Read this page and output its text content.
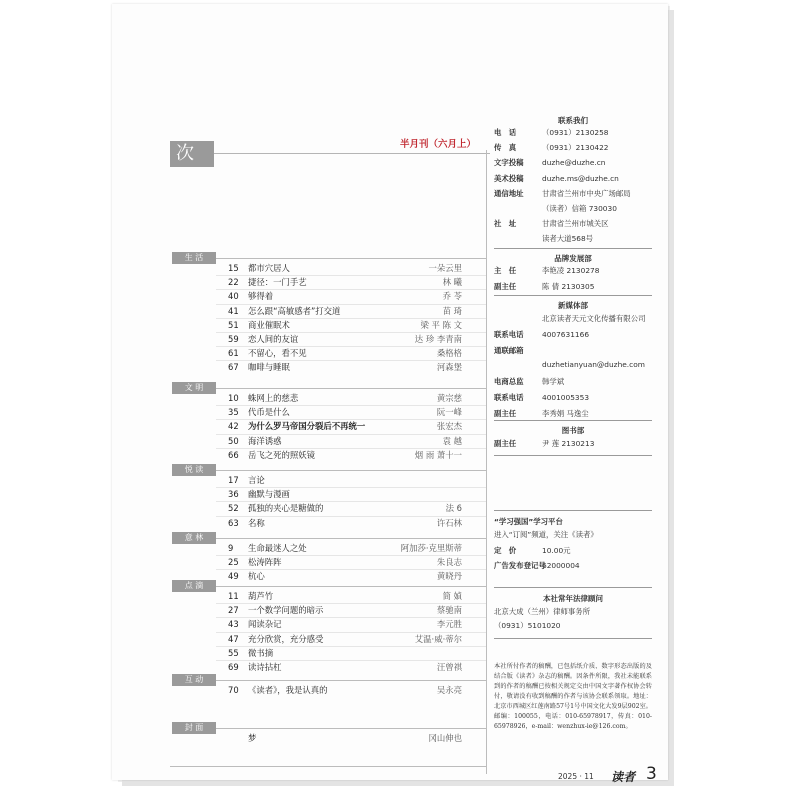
次	半月刊（六月上）
生 活
15	都市穴居人	一朵云里
22	捷径：一门手艺	林 曦
40	够得着	乔 苓
41	怎么跟“高敏感者”打交道	苗 琦
51	商业催眠术	梁 平 陈 文
59	恋人间的友谊	达 珍 李青南
61	不留心，看不见	桑格格
67	咖啡与睡眠	河森堡
文 明
10	蛛网上的慈悲	黄宗慈
35	代币是什么	阮一峰
42	为什么罗马帝国分裂后不再统一	张宏杰
50	海洋诱惑	袁 越
66	岳飞之死的照妖镜	烟 雨 萧十一
悦 读
17	言论
36	幽默与漫画
52	孤独的夹心是糖做的	法 6
63	名称	许石林
意 林
9	生命最迷人之处	阿加莎·克里斯蒂
25	松涛阵阵	朱良志
49	杭心	黄晓丹
点 滴
11	葫芦竹	简 媜
27	一个数学问题的暗示	蔡驰南
43	闻读杂记	李元胜
47	充分欣赏，充分感受	艾温·威·蒂尔
55	微书摘
69	读诗拈杠	汪曾祺
互 动
70	《读者》，我是认真的	吴永亮
封 面
梦	冈山伸也
联系我们
电　话	（0931）2130258
传　真	（0931）2130422
文字投稿 duzhe@duzhe.cn
美术投稿 duzhe.ms@duzhe.cn
通信地址 甘肃省兰州市中央广场邮局
（读者）信箱 730030
社　址	甘肃省兰州市城关区
读者大道568号
品牌发展部
主　任	李艳凌 2130278
副主任	陈 倩 2130305
新媒体部
北京读者天元文化传播有限公司
联系电话 4007631166
通联邮箱
duzhetianyuan@duzhe.com
电商总监 韩学斌
联系电话 4001005353
副主任	李秀娟 马逸尘
图书部
副主任	尹 莲 2130213
“学习强国”学习平台
进入“订阅”频道，关注《读者》
定　价	10.00元
广告发布登记号62000004
本社常年法律顾问
北京大成（兰州）律师事务所
（0931）5101020
本社所付作者的稿酬，已包括纸介质、数字形态出版的及结合版《读者》杂志的稿酬。因条件所限，我社未能联系到的作者的稿酬已按相关规定交由中国文字著作权协会转付，敬请没有收到稿酬的作者与该协会联系领取。地址：北京市西城区红莲南路57号1号中国文化大发9层902室。邮编：100055，电话：010-65978917，传真：010-65978926，e-mail：wenzhux-ie@126.com。
2025 · 11 读者 3
